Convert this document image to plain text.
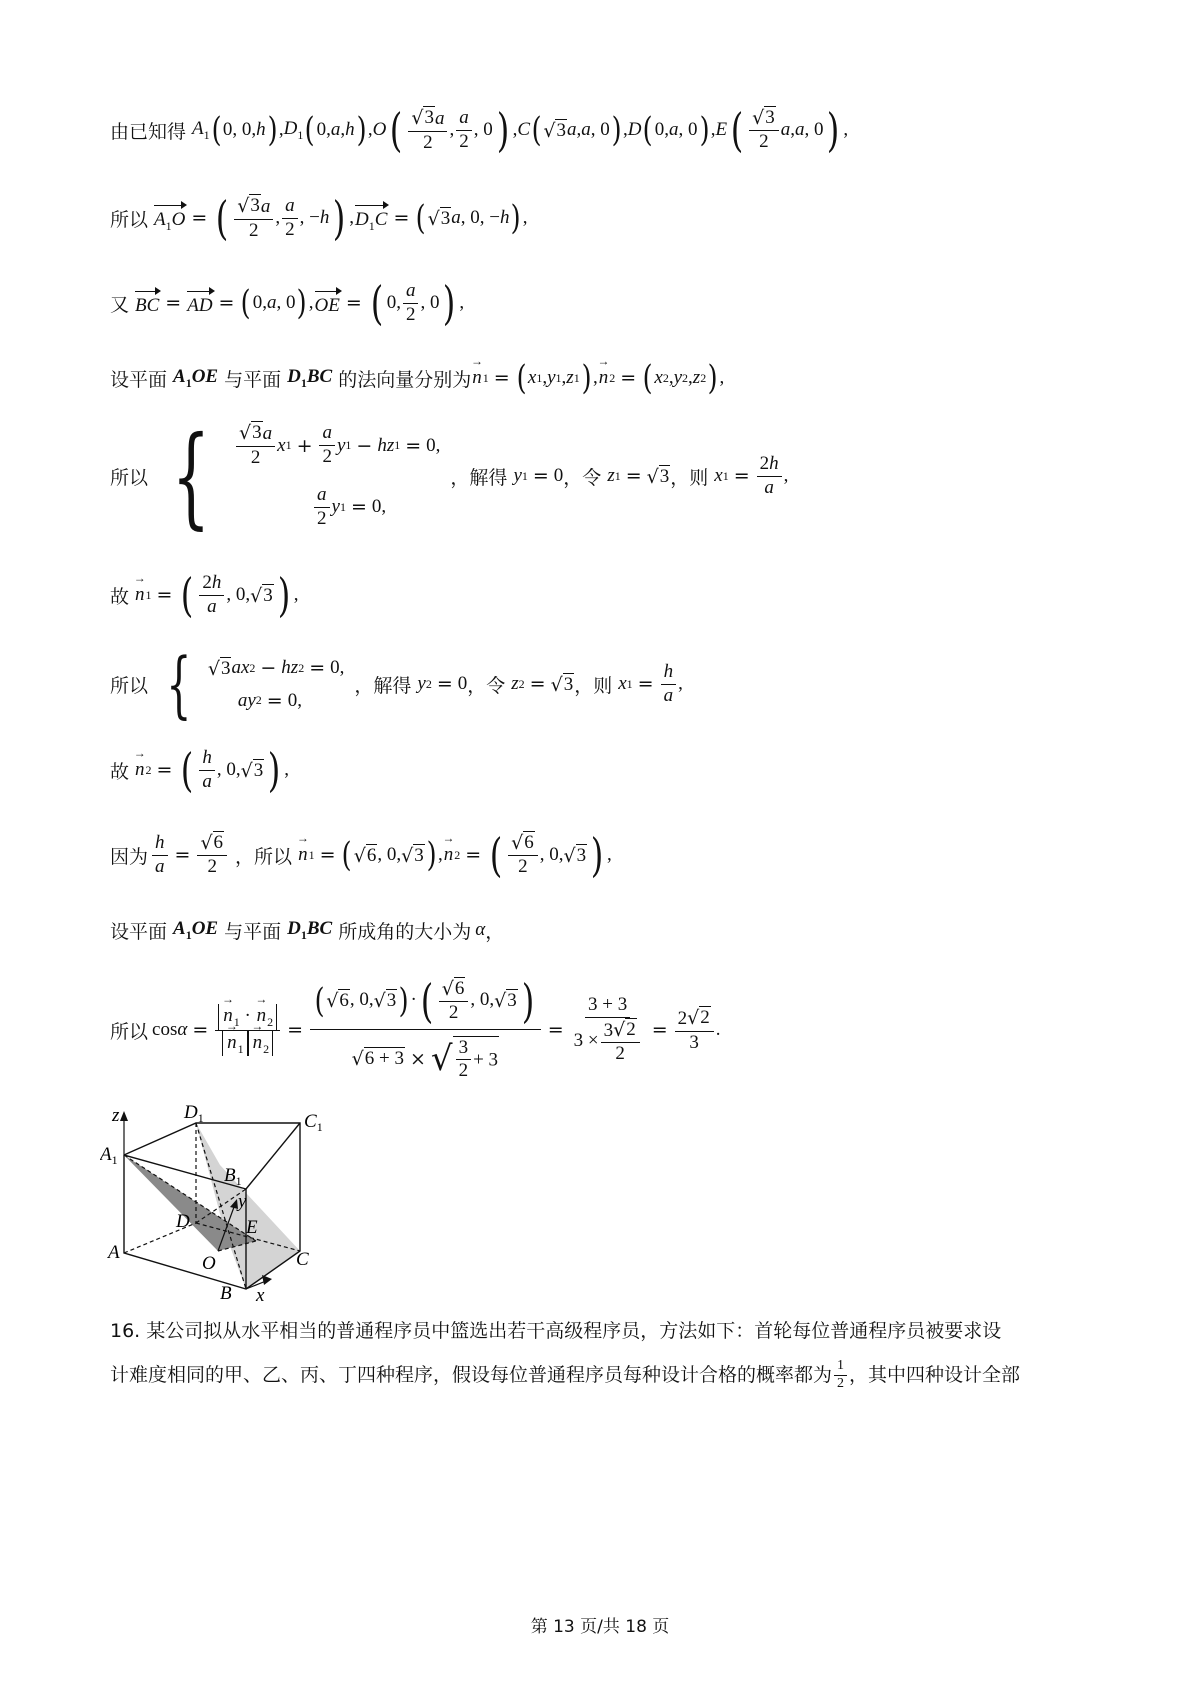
由已知得 $A_1$ ( 0, 0, h ) , $D_1$ ( 0, a , h ) , O ( $\frac{√ 3 a}{2}$ , $\frac{a}{2}$ , 0 ) , C ( √ 3 a , a , 0 ) , D ( 0, a , 0 ) , E ( $\frac{√ 3}{2}$ a , a , 0 ) ,
所以 $A_1O$ = ( $\frac{√ 3 a}{2}$ , $\frac{a}{2}$ , − h ) , $D_1C$ = ( √ 3 a , 0, − h ) ,
又 BC = AD = ( 0, a , 0 ) , OE = ( 0, $\frac{a}{2}$ , 0 ) ,
设平面 $A_1OE$ 与平面 $D_1BC$ 的法向量分别为 → n 1 = ( x 1 , y 1 , z 1 ) , → n 2 = ( x 2 , y 2 , z 2 ) ,
所以 { $\frac{√ 3 a}{2}$ x $1 + \frac{a}{2}$ y 1 − hz 1 = 0,
$\frac{a}{2}$ y 1 = 0,
，解得 y 1 = 0 ，令 z 1 = √ 3 ，则 x $1 = \frac{2h}{a}$ ,
故 → n 1 = ( $\frac{2h}{a}$ , 0, √ 3 ) ,
所以 { √ 3 ax 2 − hz 2 = 0,
ay 2 = 0,
，解得 y 2 = 0 ，令 z 2 = √ 3 ，则 x $1 = \frac{h}{a}$ ,
故 → n 2 = ( $\frac{h}{a}$ , 0, √ 3 ) ,
因为 $\frac{h}{a} = \frac{√ 6}{2}$ ，所以 → n 1 = ( √ 6 , 0, √ 3 ) , → n 2 = ( $\frac{√ 6}{2}$ , 0, √ 3 ) ,
设平面 $A_1OE$ 与平面 $D_1BC$ 所成角的大小为 α ，
所以 cos α = → $n_1$ · → $n_2$
→ $n_1 \to n_2 = \frac{( √ 6 , 0, √ 3 ) \cdot ( \frac{√ 6}{2} , 0, √ 3 )}{√ 6 + 3 \times √ \frac{3}{2} + 3} = \frac{3 + 3}{3 \times \frac{3 √ 2}{2}} = \frac{2 √ 2}{3}$ .
z	$D_1$	$C_1$
$A_1$
$B_1$
y
D	E
A
O	C
B x
16. 某公司拟从水平相当的普通程序员中篮选出若干高级程序员，方法如下：首轮每位普通程序员被要求设
计难度相同的甲、乙、丙、丁四种程序，假设每位普通程序员每种设计合格的概率都为 $\frac{1}{2}$ ，其中四种设计全部
第 13 页/共 18 页
